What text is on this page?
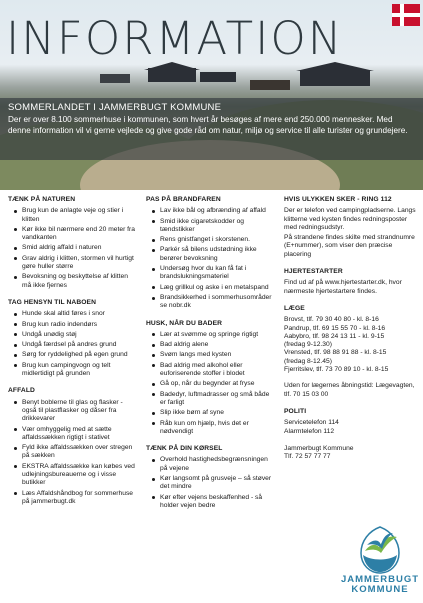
INFORMATION
SOMMERLANDET I JAMMERBUGT KOMMUNE
Der er over 8.100 sommerhuse i kommunen, som hvert år besøges af mere end 250.000 mennesker. Med denne information vil vi gerne vejlede og give gode råd om natur, miljø og service til alle turister og grundejere.
TÆNK PÅ NATUREN
Brug kun de anlagte veje og stier i klitten
Kør ikke bil nærmere end 20 meter fra vandkanten
Smid aldrig affald i naturen
Grav aldrig i klitten, stormen vil hurtigt gøre huller større
Bevoksning og beskyttelse af klitten må ikke fjernes
TAG HENSYN TIL NABOEN
Hunde skal altid føres i snor
Brug kun radio indendørs
Undgå unødig støj
Undgå færdsel på andres grund
Sørg for ryddelighed på egen grund
Brug kun campingvogn og telt midlertidigt på grunden
AFFALD
Benyt boblerne til glas og flasker - også til plastflasker og dåser fra drikkevarer
Vær omhyggelig med at sætte affaldssækken rigtigt i stativet
Fyld ikke affaldssækken over stregen på sækken
EKSTRA affaldssække kan købes ved udlejningsbureauerne og i visse butikker
Læs Affaldshåndbog for sommerhuse på jammerbugt.dk
PAS PÅ BRANDFAREN
Lav ikke bål og afbrænding af affald
Smid ikke cigaretskodder og tændstikker
Rens gnistfanget i skorstenen.
Parkér så bilens udstødning ikke berører bevoksning
Undersøg hvor du kan få fat i brandslukningsmateriel
Læg grillkul og aske i en metalspand
Brandsikkerhed i sommerhusområder se nobr.dk
HUSK, NÅR DU BADER
Lær at svømme og springe rigtigt
Bad aldrig alene
Svøm langs med kysten
Bad aldrig med alkohol eller euforiserende stoffer i blodet
Gå op, når du begynder at fryse
Badedyr, luftmadrasser og små både er farligt
Slip ikke børn af syne
Råb kun om hjælp, hvis det er nødvendigt
TÆNK PÅ DIN KØRSEL
Overhold hastighedsbegrænsningen på vejene
Kør langsomt på grusveje – så støver det mindre
Kør efter vejens beskaffenhed - så holder vejen bedre
HVIS ULYKKEN SKER - RING 112
Der er telefon ved campingpladserne. Langs klitterne ved kysten findes redningsposter med redningsudstyr.
På strandene findes skilte med strandnumre (E+nummer), som viser den præcise placering
HJERTESTARTER
Find ud af på www.hjertestarter.dk, hvor nærmeste hjertestartere findes.
LÆGE
Brovst, tlf. 79 30 40 80 - kl. 8-16
Pandrup, tlf. 69 15 55 70 - kl. 8-16
Aabybro, tlf. 98 24 13 11 - kl. 9-15
(fredag 9-12.30)
Vrensted, tlf. 98 88 91 88 - kl. 8-15
(fredag 8-12.45)
Fjerritslev, tlf. 73 70 89 10 - kl. 8-15
Uden for lægernes åbningstid: Lægevagten, tlf. 70 15 03 00
POLITI
Servicetelefon 114
Alarmtelefon 112
Jammerbugt Kommune
Tlf. 72 57 77 77
JAMMERBUGT
KOMMUNE
